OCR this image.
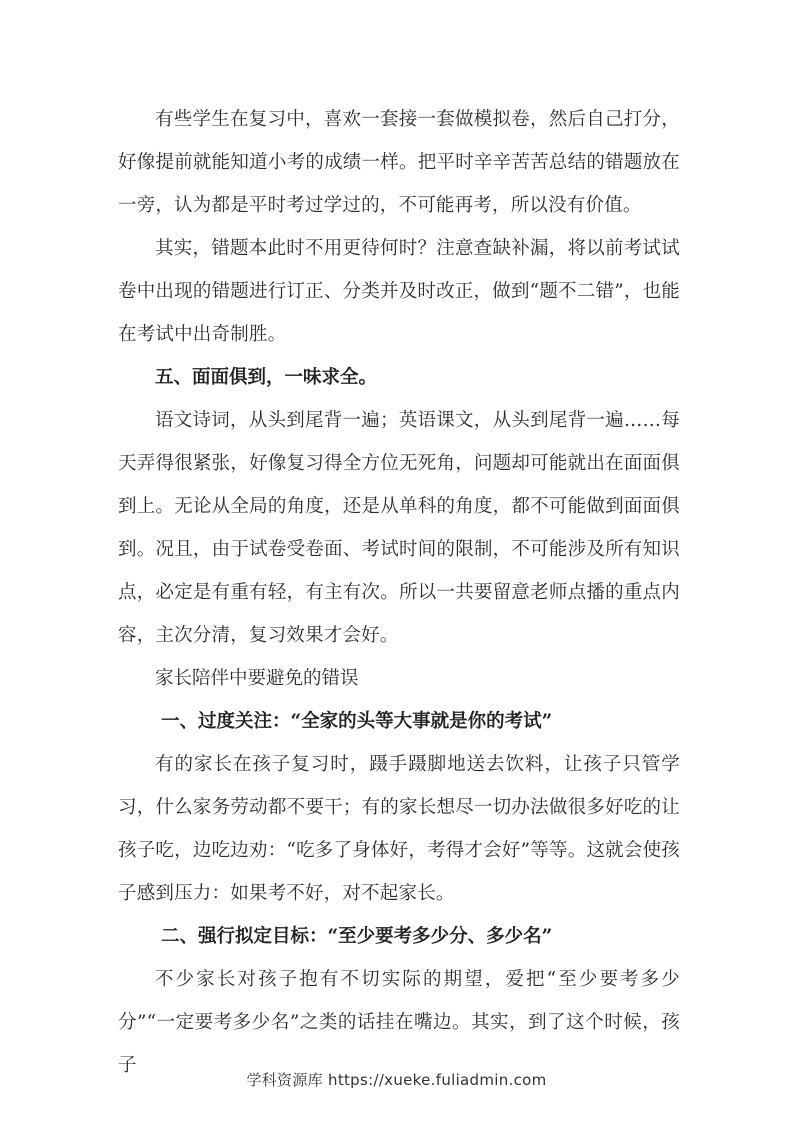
有些学生在复习中，喜欢一套接一套做模拟卷，然后自己打分，好像提前就能知道小考的成绩一样。把平时辛辛苦苦总结的错题放在一旁，认为都是平时考过学过的，不可能再考，所以没有价值。

其实，错题本此时不用更待何时？注意查缺补漏，将以前考试试卷中出现的错题进行订正、分类并及时改正，做到“题不二错”，也能在考试中出奇制胜。

五、面面俱到，一味求全。

语文诗词，从头到尾背一遍；英语课文，从头到尾背一遍……每天弄得很紧张，好像复习得全方位无死角，问题却可能就出在面面俱到上。无论从全局的角度，还是从单科的角度，都不可能做到面面俱到。况且，由于试卷受卷面、考试时间的限制，不可能涉及所有知识点，必定是有重有轻，有主有次。所以一共要留意老师点播的重点内容，主次分清，复习效果才会好。

家长陪伴中要避免的错误

一、过度关注：“全家的头等大事就是你的考试”

有的家长在孩子复习时，蹑手蹑脚地送去饮料，让孩子只管学习，什么家务劳动都不要干；有的家长想尽一切办法做很多好吃的让孩子吃，边吃边劝：“吃多了身体好，考得才会好”等等。这就会使孩子感到压力：如果考不好，对不起家长。

二、强行拟定目标：“至少要考多少分、多少名”

不少家长对孩子抱有不切实际的期望，爱把“至少要考多少分”“一定要考多少名”之类的话挂在嘴边。其实，到了这个时候，孩子

学科资源库 https://xueke.fuliadmin.com
